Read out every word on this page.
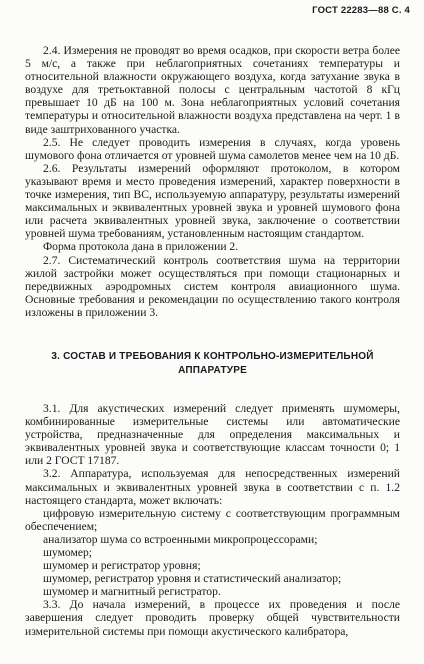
ГОСТ 22283—88 С. 4

2.4. Измерения не проводят во время осадков, при скорости ветра более 5 м/с, а также при неблагоприятных сочетаниях температуры и относительной влажности окружающего воздуха, когда затухание звука в воздухе для третьоктавной полосы с центральным частотой 8 кГц превышает 10 дБ на 100 м. Зона неблагоприятных условий сочетания температуры и относительной влажности воздуха представлена на черт. 1 в виде заштрихованного участка.

2.5. Не следует проводить измерения в случаях, когда уровень шумового фона отличается от уровней шума самолетов менее чем на 10 дБ.

2.6. Результаты измерений оформляют протоколом, в котором указывают время и место проведения измерений, характер поверхности в точке измерения, тип ВС, используемую аппаратуру, результаты измерений максимальных и эквивалентных уровней звука и уровней шумового фона или расчета эквивалентных уровней звука, заключение о соответствии уровней шума требованиям, установленным настоящим стандартом.

Форма протокола дана в приложении 2.

2.7. Систематический контроль соответствия шума на территории жилой застройки может осуществляться при помощи стационарных и передвижных аэродромных систем контроля авиационного шума. Основные требования и рекомендации по осуществлению такого контроля изложены в приложении 3.

3. СОСТАВ И ТРЕБОВАНИЯ К КОНТРОЛЬНО-ИЗМЕРИТЕЛЬНОЙ АППАРАТУРЕ

3.1. Для акустических измерений следует применять шумомеры, комбинированные измерительные системы или автоматические устройства, предназначенные для определения максимальных и эквивалентных уровней звука и соответствующие классам точности 0; 1 или 2 ГОСТ 17187.

3.2. Аппаратура, используемая для непосредственных измерений максимальных и эквивалентных уровней звука в соответствии с п. 1.2 настоящего стандарта, может включать:

цифровую измерительную систему с соответствующим программным обеспечением;

анализатор шума со встроенными микропроцессорами;

шумомер;

шумомер и регистратор уровня;

шумомер, регистратор уровня и статистический анализатор;

шумомер и магнитный регистратор.

3.3. До начала измерений, в процессе их проведения и после завершения следует проводить проверку общей чувствительности измерительной системы при помощи акустического калибратора,
